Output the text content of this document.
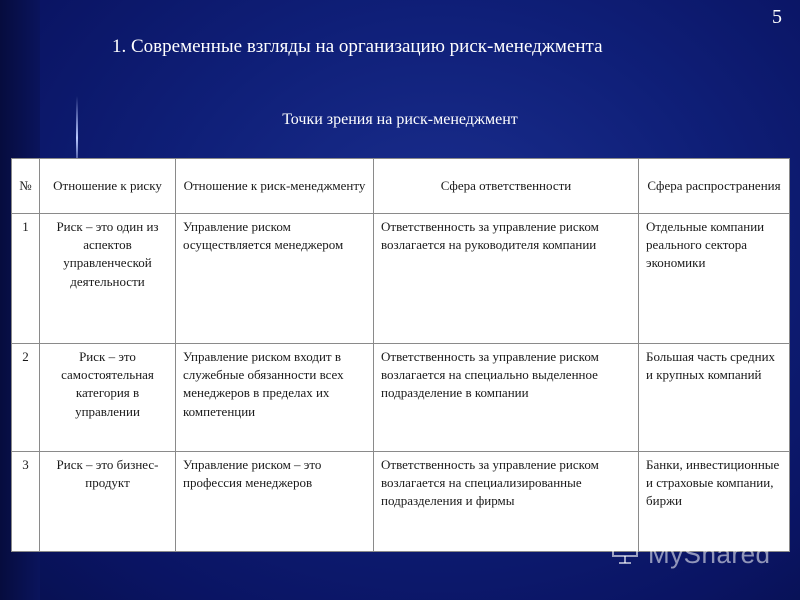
5
1. Современные взгляды на организацию риск-менеджмента
Точки зрения на риск-менеджмент
№	Отношение к риску	Отношение к риск-менеджменту	Сфера ответственности	Сфера распространения
1	Риск – это один из аспектов управленческой деятельности	Управление риском осуществляется менеджером	Ответственность за управление риском возлагается на руководителя компании	Отдельные компании реального сектора экономики
2	Риск – это самостоятельная категория в управлении	Управление риском входит в служебные обязанности всех менеджеров в пределах их компетенции	Ответственность за управление риском возлагается на специально выделенное подразделение в компании	Большая часть средних и крупных компаний
3	Риск – это бизнес-продукт	Управление риском – это профессия менеджеров	Ответственность за управление риском возлагается на специализированные подразделения и фирмы	Банки, инвестиционные и страховые компании, биржи
MyShared
